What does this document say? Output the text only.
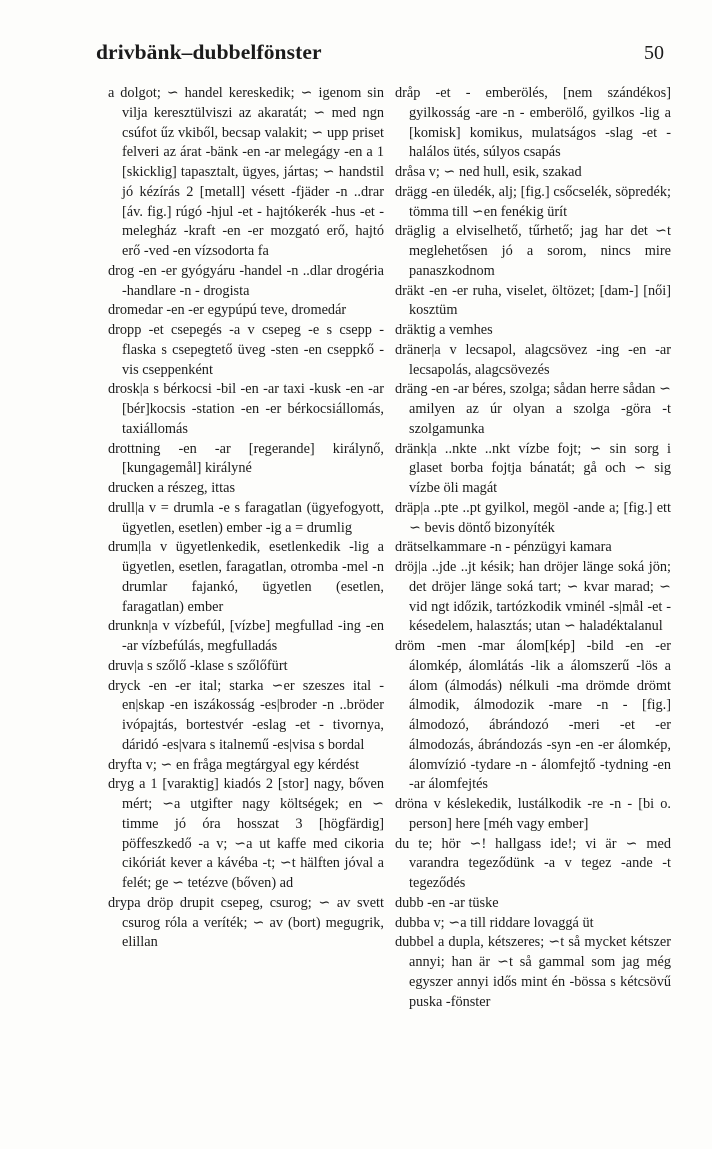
drivbänk–dubbelfönster	50
a dolgot; ∽ handel kereskedik; ∽ igenom sin vilja keresztülviszi az akaratát; ∽ med ngn csúfot űz vkiből, becsap valakit; ∽ upp priset felveri az árat -bänk -en -ar melegágy -en a 1 [skicklig] tapasztalt, ügyes, jártas; ∽ handstil jó kézírás 2 [metall] vésett -fjäder -n ..drar [áv. fig.] rúgó -hjul -et - hajtókerék -hus -et - melegház -kraft -en -er mozgató erő, hajtó erő -ved -en vízsodorta fa
drog -en -er gyógyáru -handel -n ..dlar drogéria -handlare -n - drogista
dromedar -en -er egypúpú teve, dromedár
dropp -et csepegés -a v csepeg -e s csepp -flaska s csepegtető üveg -sten -en cseppkő -vis cseppenként
drosk|a s bérkocsi -bil -en -ar taxi -kusk -en -ar [bér]kocsis -station -en -er bérkocsiállomás, taxiállomás
drottning -en -ar [regerande] királynő, [kungagemål] királyné
drucken a részeg, ittas
drull|a v = drumla -e s faragatlan (ügyefogyott, ügyetlen, esetlen) ember -ig a = drumlig
drum|la v ügyetlenkedik, esetlenkedik -lig a ügyetlen, esetlen, faragatlan, otromba -mel -n drumlar fajankó, ügyetlen (esetlen, faragatlan) ember
drunkn|a v vízbefúl, [vízbe] megfullad -ing -en -ar vízbefúlás, megfulladás
druv|a s szőlő -klase s szőlőfürt
dryck -en -er ital; starka ∽er szeszes ital -en|skap -en iszákosság -es|broder -n ..bröder ivópajtás, bortestvér -eslag -et - tivornya, dáridó -es|vara s italnemű -es|visa s bordal
dryfta v; ∽ en fråga megtárgyal egy kérdést
dryg a 1 [varaktig] kiadós 2 [stor] nagy, bőven mért; ∽a utgifter nagy költségek; en ∽ timme jó óra hosszat 3 [högfärdig] pöffeszkedő -a v; ∽a ut kaffe med cikoria cikóriát kever a kávéba -t; ∽t hälften jóval a felét; ge ∽ tetézve (bőven) ad
drypa dröp drupit csepeg, csurog; ∽ av svett csurog róla a veríték; ∽ av (bort) megugrik, elillan
dråp -et - emberölés, [nem szándékos] gyilkosság -are -n - emberölő, gyilkos -lig a [komisk] komikus, mulatságos -slag -et - halálos ütés, súlyos csapás
dråsa v; ∽ ned hull, esik, szakad
drägg -en üledék, alj; [fig.] csőcselék, söpredék; tömma till ∽en fenékig ürít
dräglig a elviselhető, tűrhető; jag har det ∽t meglehetősen jó a sorom, nincs mire panaszkodnom
dräkt -en -er ruha, viselet, öltözet; [dam-] [női] kosztüm
dräktig a vemhes
dräner|a v lecsapol, alagcsövez -ing -en -ar lecsapolás, alagcsövezés
dräng -en -ar béres, szolga; sådan herre sådan ∽ amilyen az úr olyan a szolga -göra -t szolgamunka
dränk|a ..nkte ..nkt vízbe fojt; ∽ sin sorg i glaset borba fojtja bánatát; gå och ∽ sig vízbe öli magát
dräp|a ..pte ..pt gyilkol, megöl -ande a; [fig.] ett ∽ bevis döntő bizonyíték
drätselkammare -n - pénzügyi kamara
dröj|a ..jde ..jt késik; han dröjer länge soká jön; det dröjer länge soká tart; ∽ kvar marad; ∽ vid ngt időzik, tartózkodik vminél -s|mål -et - késedelem, halasztás; utan ∽ haladéktalanul
dröm -men -mar álom[kép] -bild -en -er álomkép, álomlátás -lik a álomszerű -lös a álom (álmodás) nélkuli -ma drömde drömt álmodik, álmodozik -mare -n - [fig.] álmodozó, ábrándozó -meri -et -er álmodozás, ábrándozás -syn -en -er álomkép, álomvízió -tydare -n - álomfejtő -tydning -en -ar álomfejtés
dröna v késlekedik, lustálkodik -re -n - [bi o. person] here [méh vagy ember]
du te; hör ∽! hallgass ide!; vi är ∽ med varandra tegeződünk -a v tegez -ande -t tegeződés
dubb -en -ar tüske
dubba v; ∽a till riddare lovaggá üt
dubbel a dupla, kétszeres; ∽t så mycket kétszer annyi; han är ∽t så gammal som jag még egyszer annyi idős mint én -bössa s kétcsövű puska -fönster
